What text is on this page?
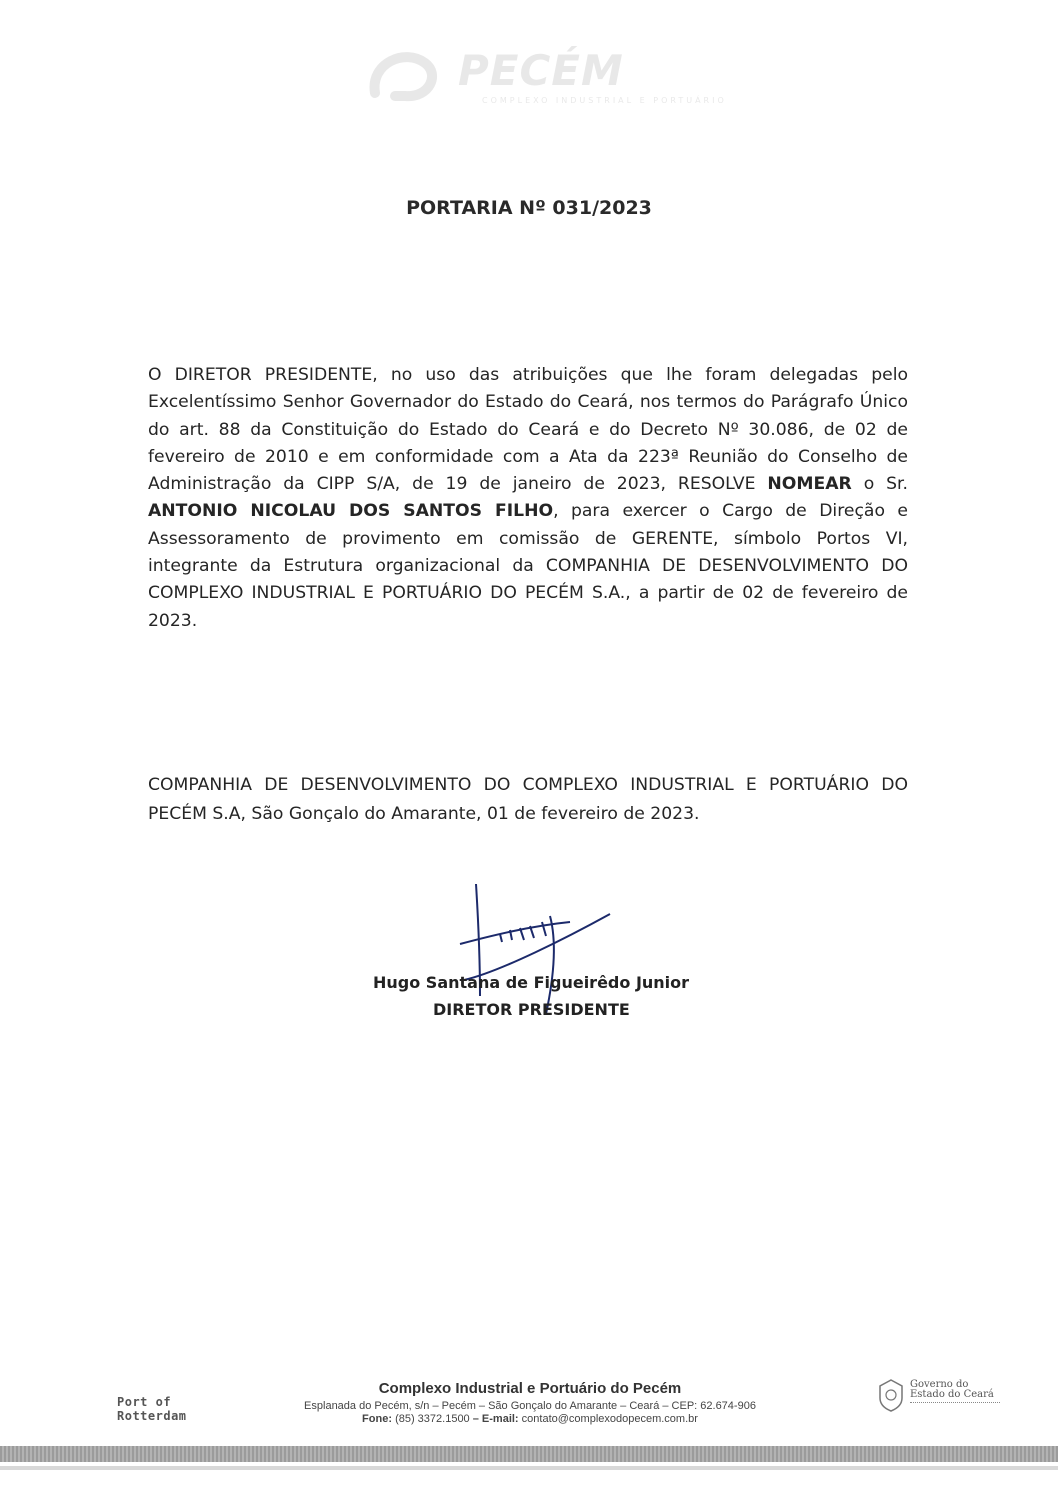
PECÉM
COMPLEXO INDUSTRIAL E PORTUÁRIO
PORTARIA Nº 031/2023
O DIRETOR PRESIDENTE, no uso das atribuições que lhe foram delegadas pelo Excelentíssimo Senhor Governador do Estado do Ceará, nos termos do Parágrafo Único do art. 88 da Constituição do Estado do Ceará e do Decreto Nº 30.086, de 02 de fevereiro de 2010 e em conformidade com a Ata da 223ª Reunião do Conselho de Administração da CIPP S/A, de 19 de janeiro de 2023, RESOLVE NOMEAR o Sr. ANTONIO NICOLAU DOS SANTOS FILHO, para exercer o Cargo de Direção e Assessoramento de provimento em comissão de GERENTE, símbolo Portos VI, integrante da Estrutura organizacional da COMPANHIA DE DESENVOLVIMENTO DO COMPLEXO INDUSTRIAL E PORTUÁRIO DO PECÉM S.A., a partir de 02 de fevereiro de 2023.
COMPANHIA DE DESENVOLVIMENTO DO COMPLEXO INDUSTRIAL E PORTUÁRIO DO PECÉM S.A, São Gonçalo do Amarante, 01 de fevereiro de 2023.
Hugo Santana de Figueirêdo Junior
DIRETOR PRESIDENTE
Port of
Rotterdam
Complexo Industrial e Portuário do Pecém
Esplanada do Pecém, s/n – Pecém – São Gonçalo do Amarante – Ceará – CEP: 62.674-906
Fone: (85) 3372.1500 – E-mail: contato@complexodopecem.com.br
Governo do
Estado do Ceará
